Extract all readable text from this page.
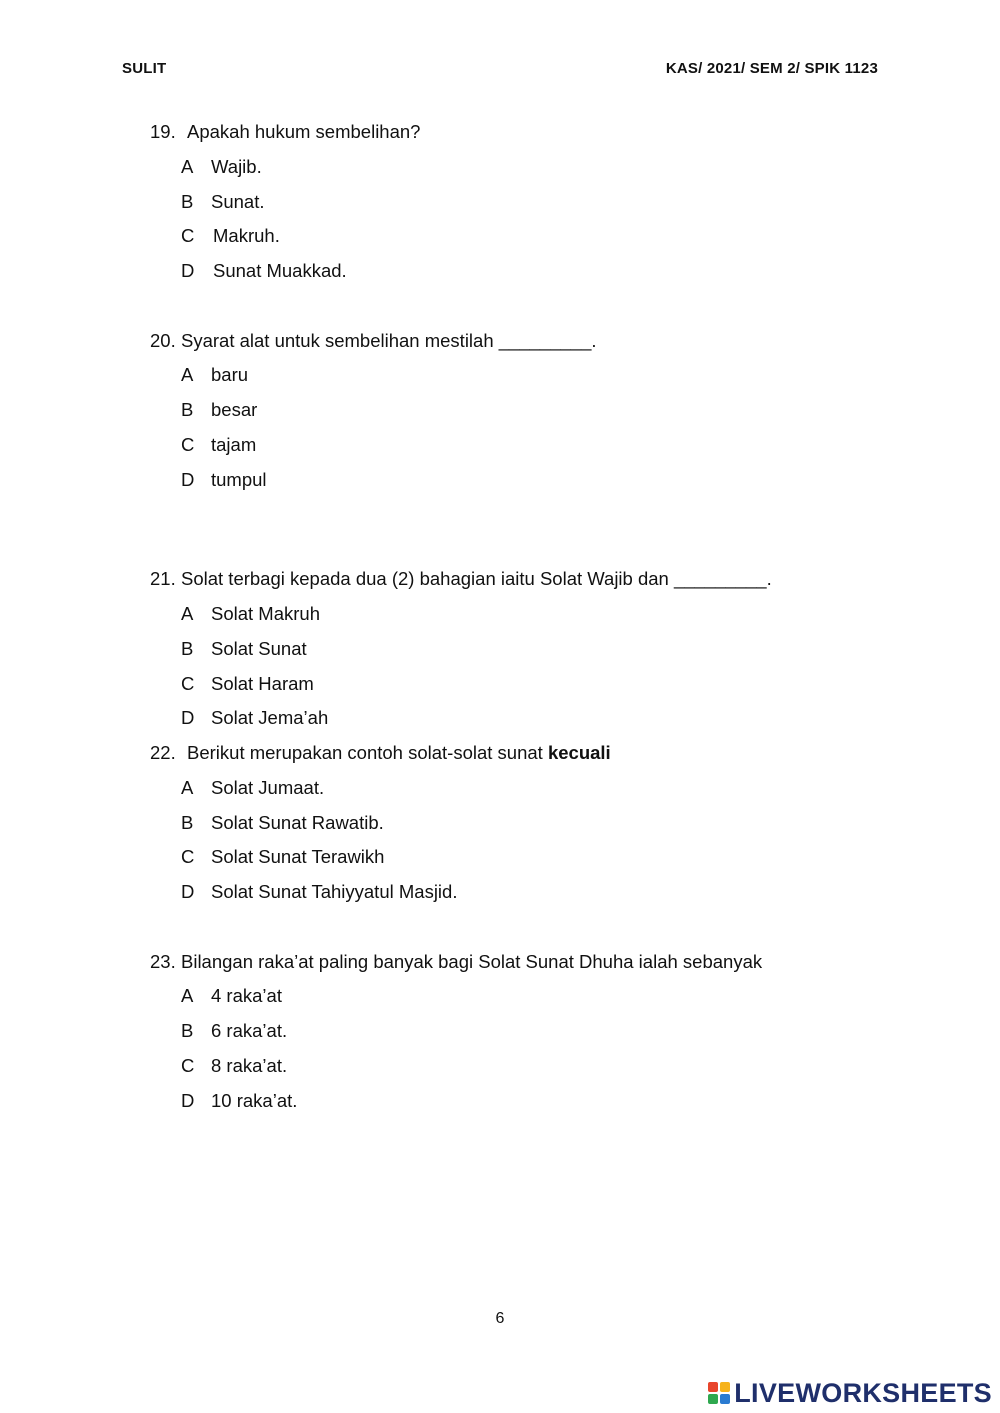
SULIT	KAS/ 2021/ SEM 2/ SPIK 1123
19. Apakah hukum sembelihan?
A Wajib.
B Sunat.
C Makruh.
D Sunat Muakkad.
20. Syarat alat untuk sembelihan mestilah _________.
A baru
B besar
C tajam
D tumpul
21. Solat terbagi kepada dua (2) bahagian iaitu Solat Wajib dan _________.
A Solat Makruh
B Solat Sunat
C Solat Haram
D Solat Jema’ah
22. Berikut merupakan contoh solat-solat sunat kecuali
A Solat Jumaat.
B Solat Sunat Rawatib.
C Solat Sunat Terawikh
D Solat Sunat Tahiyyatul Masjid.
23. Bilangan raka’at paling banyak bagi Solat Sunat Dhuha ialah sebanyak
A 4 raka’at
B 6 raka’at.
C 8 raka’at.
D 10 raka’at.
6
LIVEWORKSHEETS
